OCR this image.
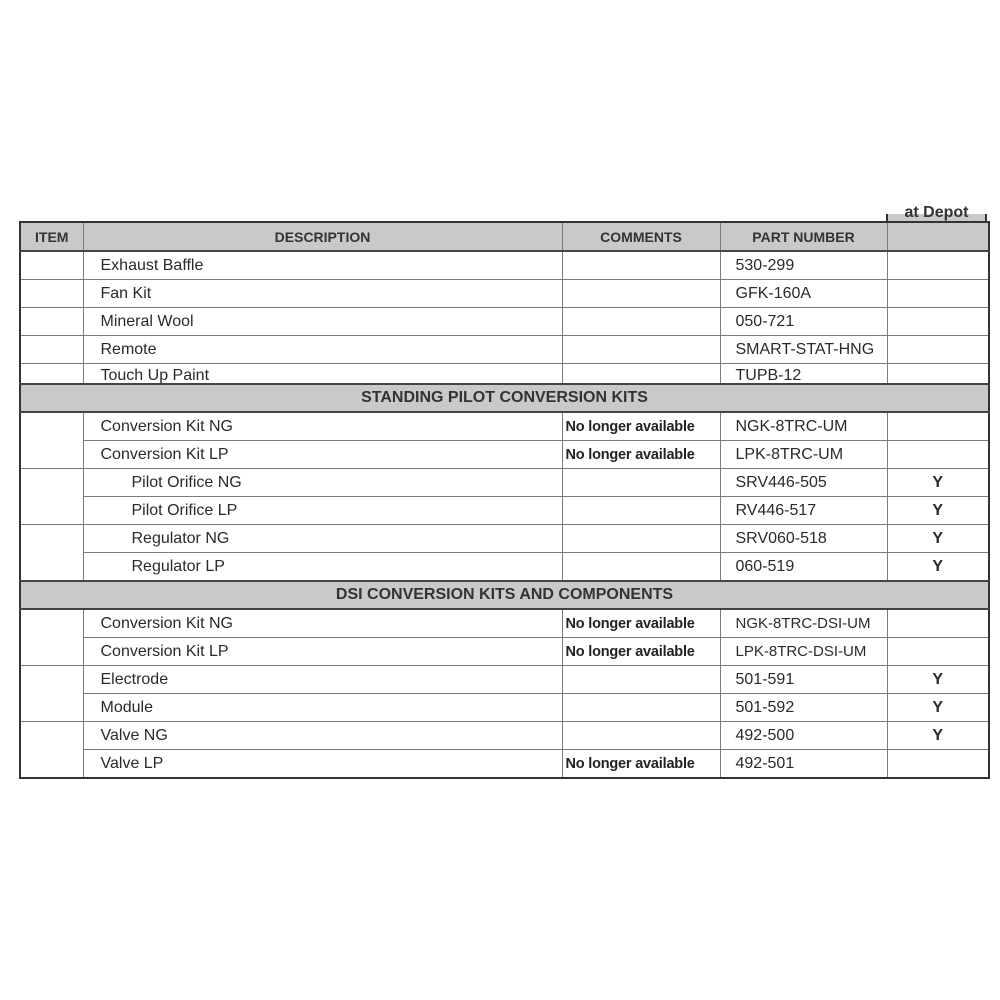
at Depot
ITEM	DESCRIPTION	COMMENTS	PART NUMBER	
	Exhaust Baffle		530-299	
	Fan Kit		GFK-160A	
	Mineral Wool		050-721	
	Remote		SMART-STAT-HNG	
	Touch Up Paint		TUPB-12	
STANDING PILOT CONVERSION KITS				
	Conversion Kit NG	No longer available	NGK-8TRC-UM	
	Conversion Kit LP	No longer available	LPK-8TRC-UM	
	Pilot Orifice NG		SRV446-505	Y
	Pilot Orifice LP		RV446-517	Y
	Regulator NG		SRV060-518	Y
	Regulator LP		060-519	Y
DSI CONVERSION KITS AND COMPONENTS				
	Conversion Kit NG	No longer available	NGK-8TRC-DSI-UM	
	Conversion Kit LP	No longer available	LPK-8TRC-DSI-UM	
	Electrode		501-591	Y
	Module		501-592	Y
	Valve NG		492-500	Y
	Valve LP	No longer available	492-501	
